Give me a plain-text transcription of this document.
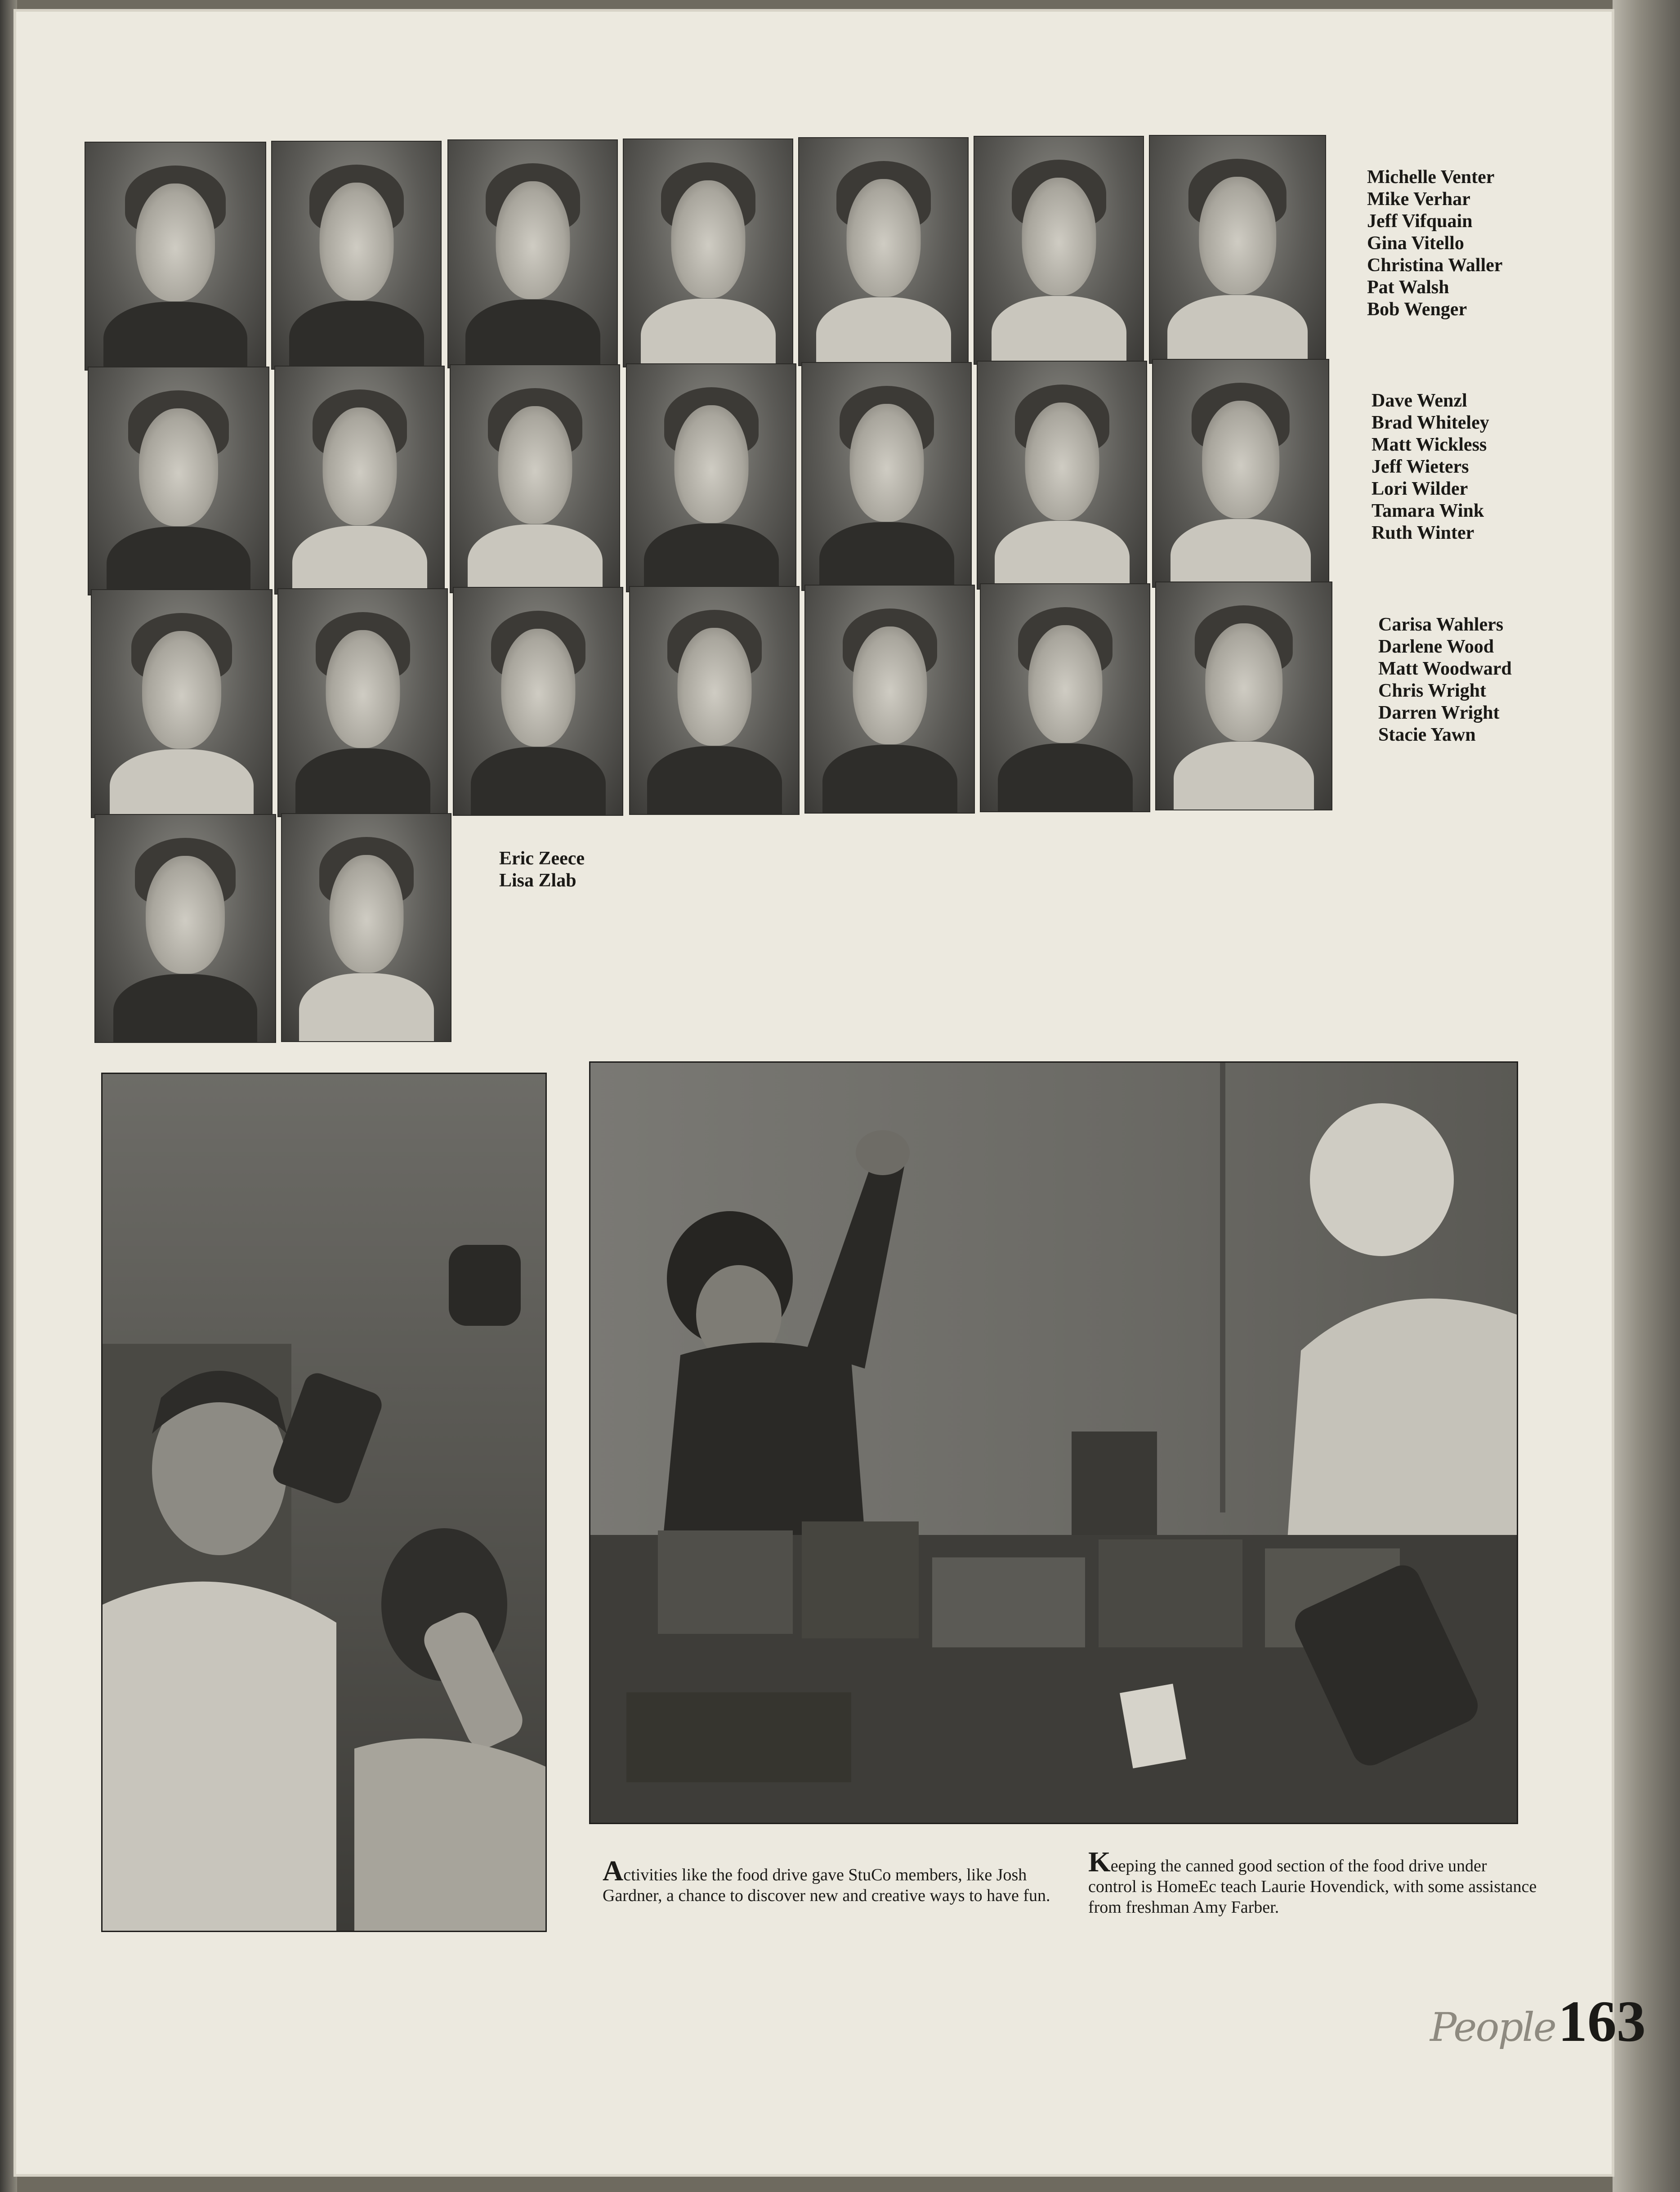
Michelle Venter
Mike Verhar
Jeff Vifquain
Gina Vitello
Christina Waller
Pat Walsh
Bob Wenger
Dave Wenzl
Brad Whiteley
Matt Wickless
Jeff Wieters
Lori Wilder
Tamara Wink
Ruth Winter
Carisa Wahlers
Darlene Wood
Matt Woodward
Chris Wright
Darren Wright
Stacie Yawn
Eric Zeece
Lisa Zlab
Activities like the food drive gave StuCo members, like Josh Gardner, a chance to discover new and creative ways to have fun.
Keeping the canned good section of the food drive under control is HomeEc teach Laurie Hovendick, with some assistance from freshman Amy Farber.
People163
